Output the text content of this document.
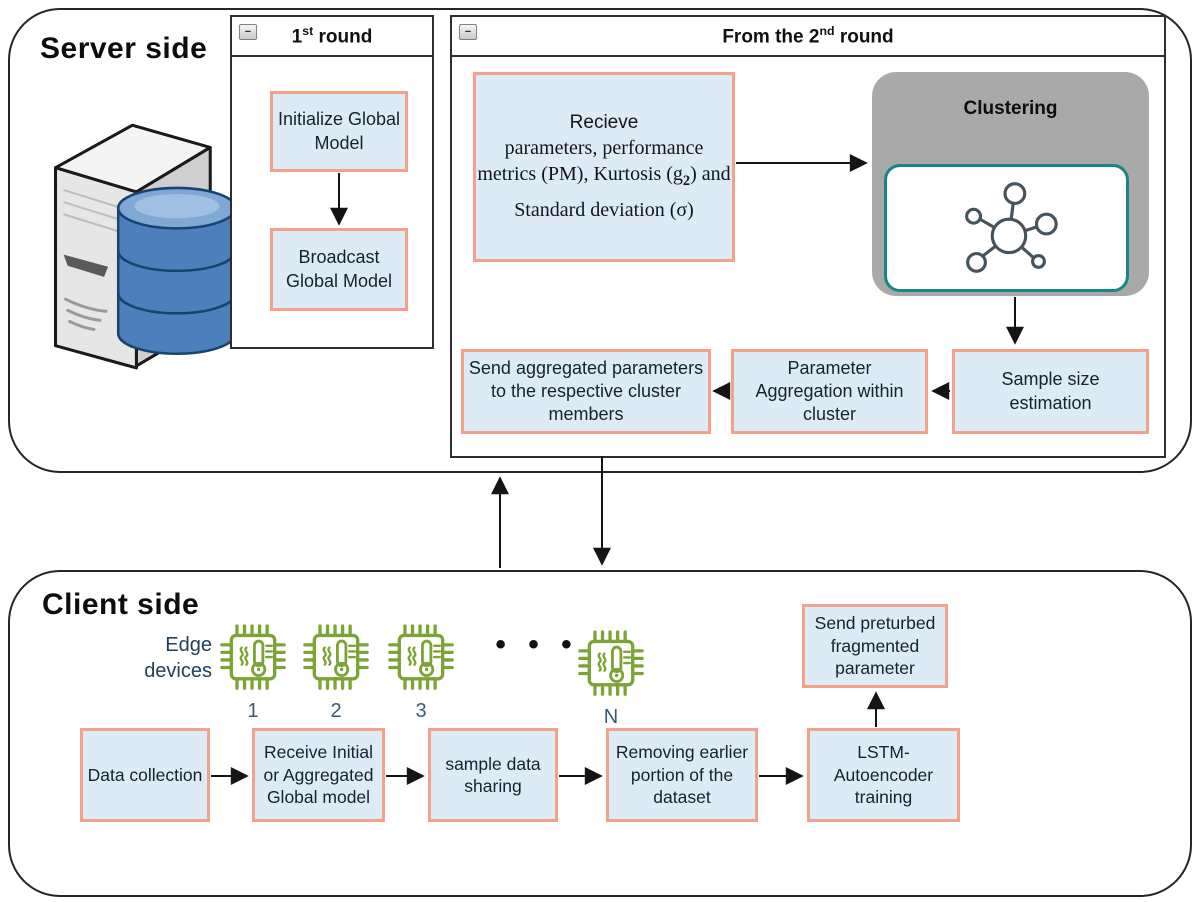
Server side
−	1st round
Initialize Global Model
Broadcast Global Model
−	From the 2nd round
Recieve
parameters, performance
metrics (PM), Kurtosis $(g_2)$ and
Standard deviation (σ)
Clustering
Send aggregated parameters to the respective cluster members
Parameter Aggregation within cluster
Sample size estimation
Client side
Edge devices
• • •
1	2	3	N
Data collection
Receive Initial or Aggregated Global model
sample data sharing
Removing earlier portion of the dataset
LSTM-Autoencoder training
Send preturbed fragmented parameter
